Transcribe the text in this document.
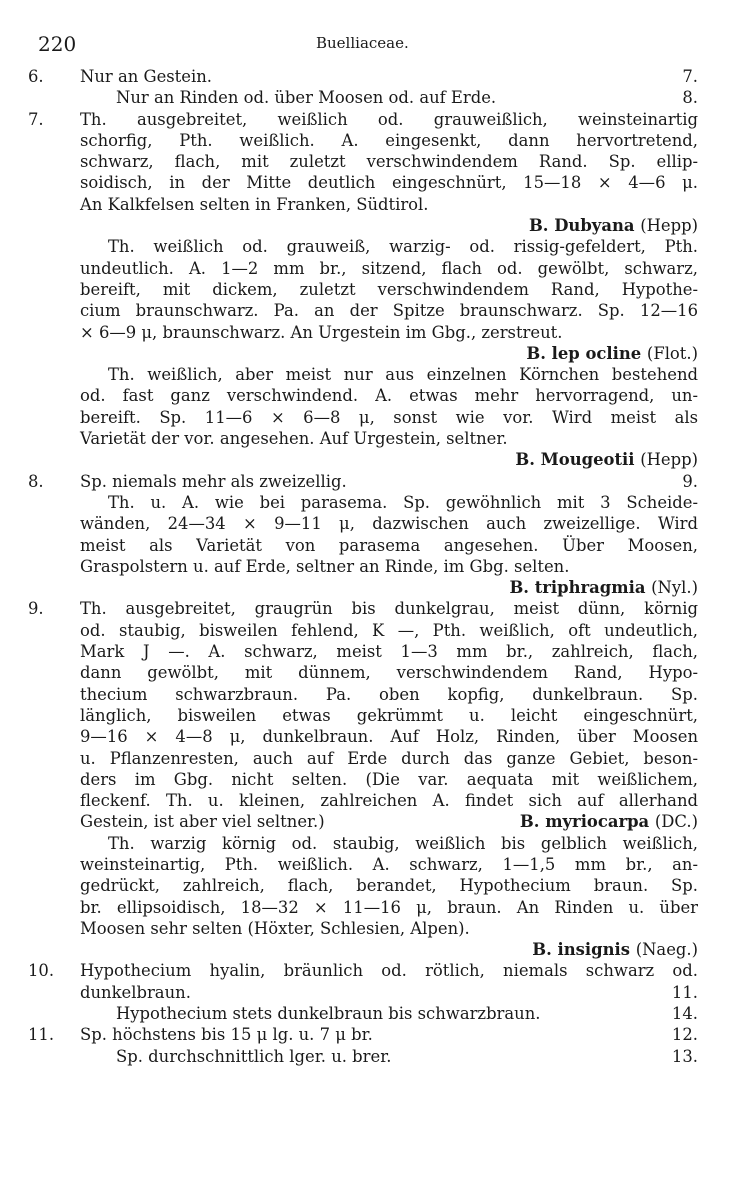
220	Buelliaceae.
6.	Nur an Gestein.	7.
Nur an Rinden od. über Moosen od. auf Erde.	8.
7.	Th. ausgebreitet, weißlich od. grauweißlich, weinsteinartig
schorfig, Pth. weißlich. A. eingesenkt, dann hervortretend,
schwarz, flach, mit zuletzt verschwindendem Rand. Sp. ellip-
soidisch, in der Mitte deutlich eingeschnürt, 15—18 × 4—6 μ.
An Kalkfelsen selten in Franken, Südtirol.
B. Dubyana (Hepp)
Th. weißlich od. grauweiß, warzig- od. rissig-gefeldert, Pth.
undeutlich. A. 1—2 mm br., sitzend, flach od. gewölbt, schwarz,
bereift, mit dickem, zuletzt verschwindendem Rand, Hypothe-
cium braunschwarz. Pa. an der Spitze braunschwarz. Sp. 12—16
× 6—9 μ, braunschwarz. An Urgestein im Gbg., zerstreut.
B. lep ocline (Flot.)
Th. weißlich, aber meist nur aus einzelnen Körnchen bestehend
od. fast ganz verschwindend. A. etwas mehr hervorragend, un-
bereift. Sp. 11—6 × 6—8 μ, sonst wie vor. Wird meist als
Varietät der vor. angesehen. Auf Urgestein, seltner.
B. Mougeotii (Hepp)
8.	Sp. niemals mehr als zweizellig.	9.
Th. u. A. wie bei parasema. Sp. gewöhnlich mit 3 Scheide-
wänden, 24—34 × 9—11 μ, dazwischen auch zweizellige. Wird
meist als Varietät von parasema angesehen. Über Moosen,
Graspolstern u. auf Erde, seltner an Rinde, im Gbg. selten.
B. triphragmia (Nyl.)
9.	Th. ausgebreitet, graugrün bis dunkelgrau, meist dünn, körnig
od. staubig, bisweilen fehlend, K —, Pth. weißlich, oft undeutlich,
Mark J —. A. schwarz, meist 1—3 mm br., zahlreich, flach,
dann gewölbt, mit dünnem, verschwindendem Rand, Hypo-
thecium schwarzbraun. Pa. oben kopfig, dunkelbraun. Sp.
länglich, bisweilen etwas gekrümmt u. leicht eingeschnürt,
9—16 × 4—8 μ, dunkelbraun. Auf Holz, Rinden, über Moosen
u. Pflanzenresten, auch auf Erde durch das ganze Gebiet, beson-
ders im Gbg. nicht selten. (Die var. aequata mit weißlichem,
fleckenf. Th. u. kleinen, zahlreichen A. findet sich auf allerhand
Gestein, ist aber viel seltner.)	B. myriocarpa (DC.)
Th. warzig körnig od. staubig, weißlich bis gelblich weißlich,
weinsteinartig, Pth. weißlich. A. schwarz, 1—1,5 mm br., an-
gedrückt, zahlreich, flach, berandet, Hypothecium braun. Sp.
br. ellipsoidisch, 18—32 × 11—16 μ, braun. An Rinden u. über
Moosen sehr selten (Höxter, Schlesien, Alpen).
B. insignis (Naeg.)
10.	Hypothecium hyalin, bräunlich od. rötlich, niemals schwarz od.
dunkelbraun.	11.
Hypothecium stets dunkelbraun bis schwarzbraun.	14.
11.	Sp. höchstens bis 15 μ lg. u. 7 μ br.	12.
Sp. durchschnittlich lger. u. brer.	13.
